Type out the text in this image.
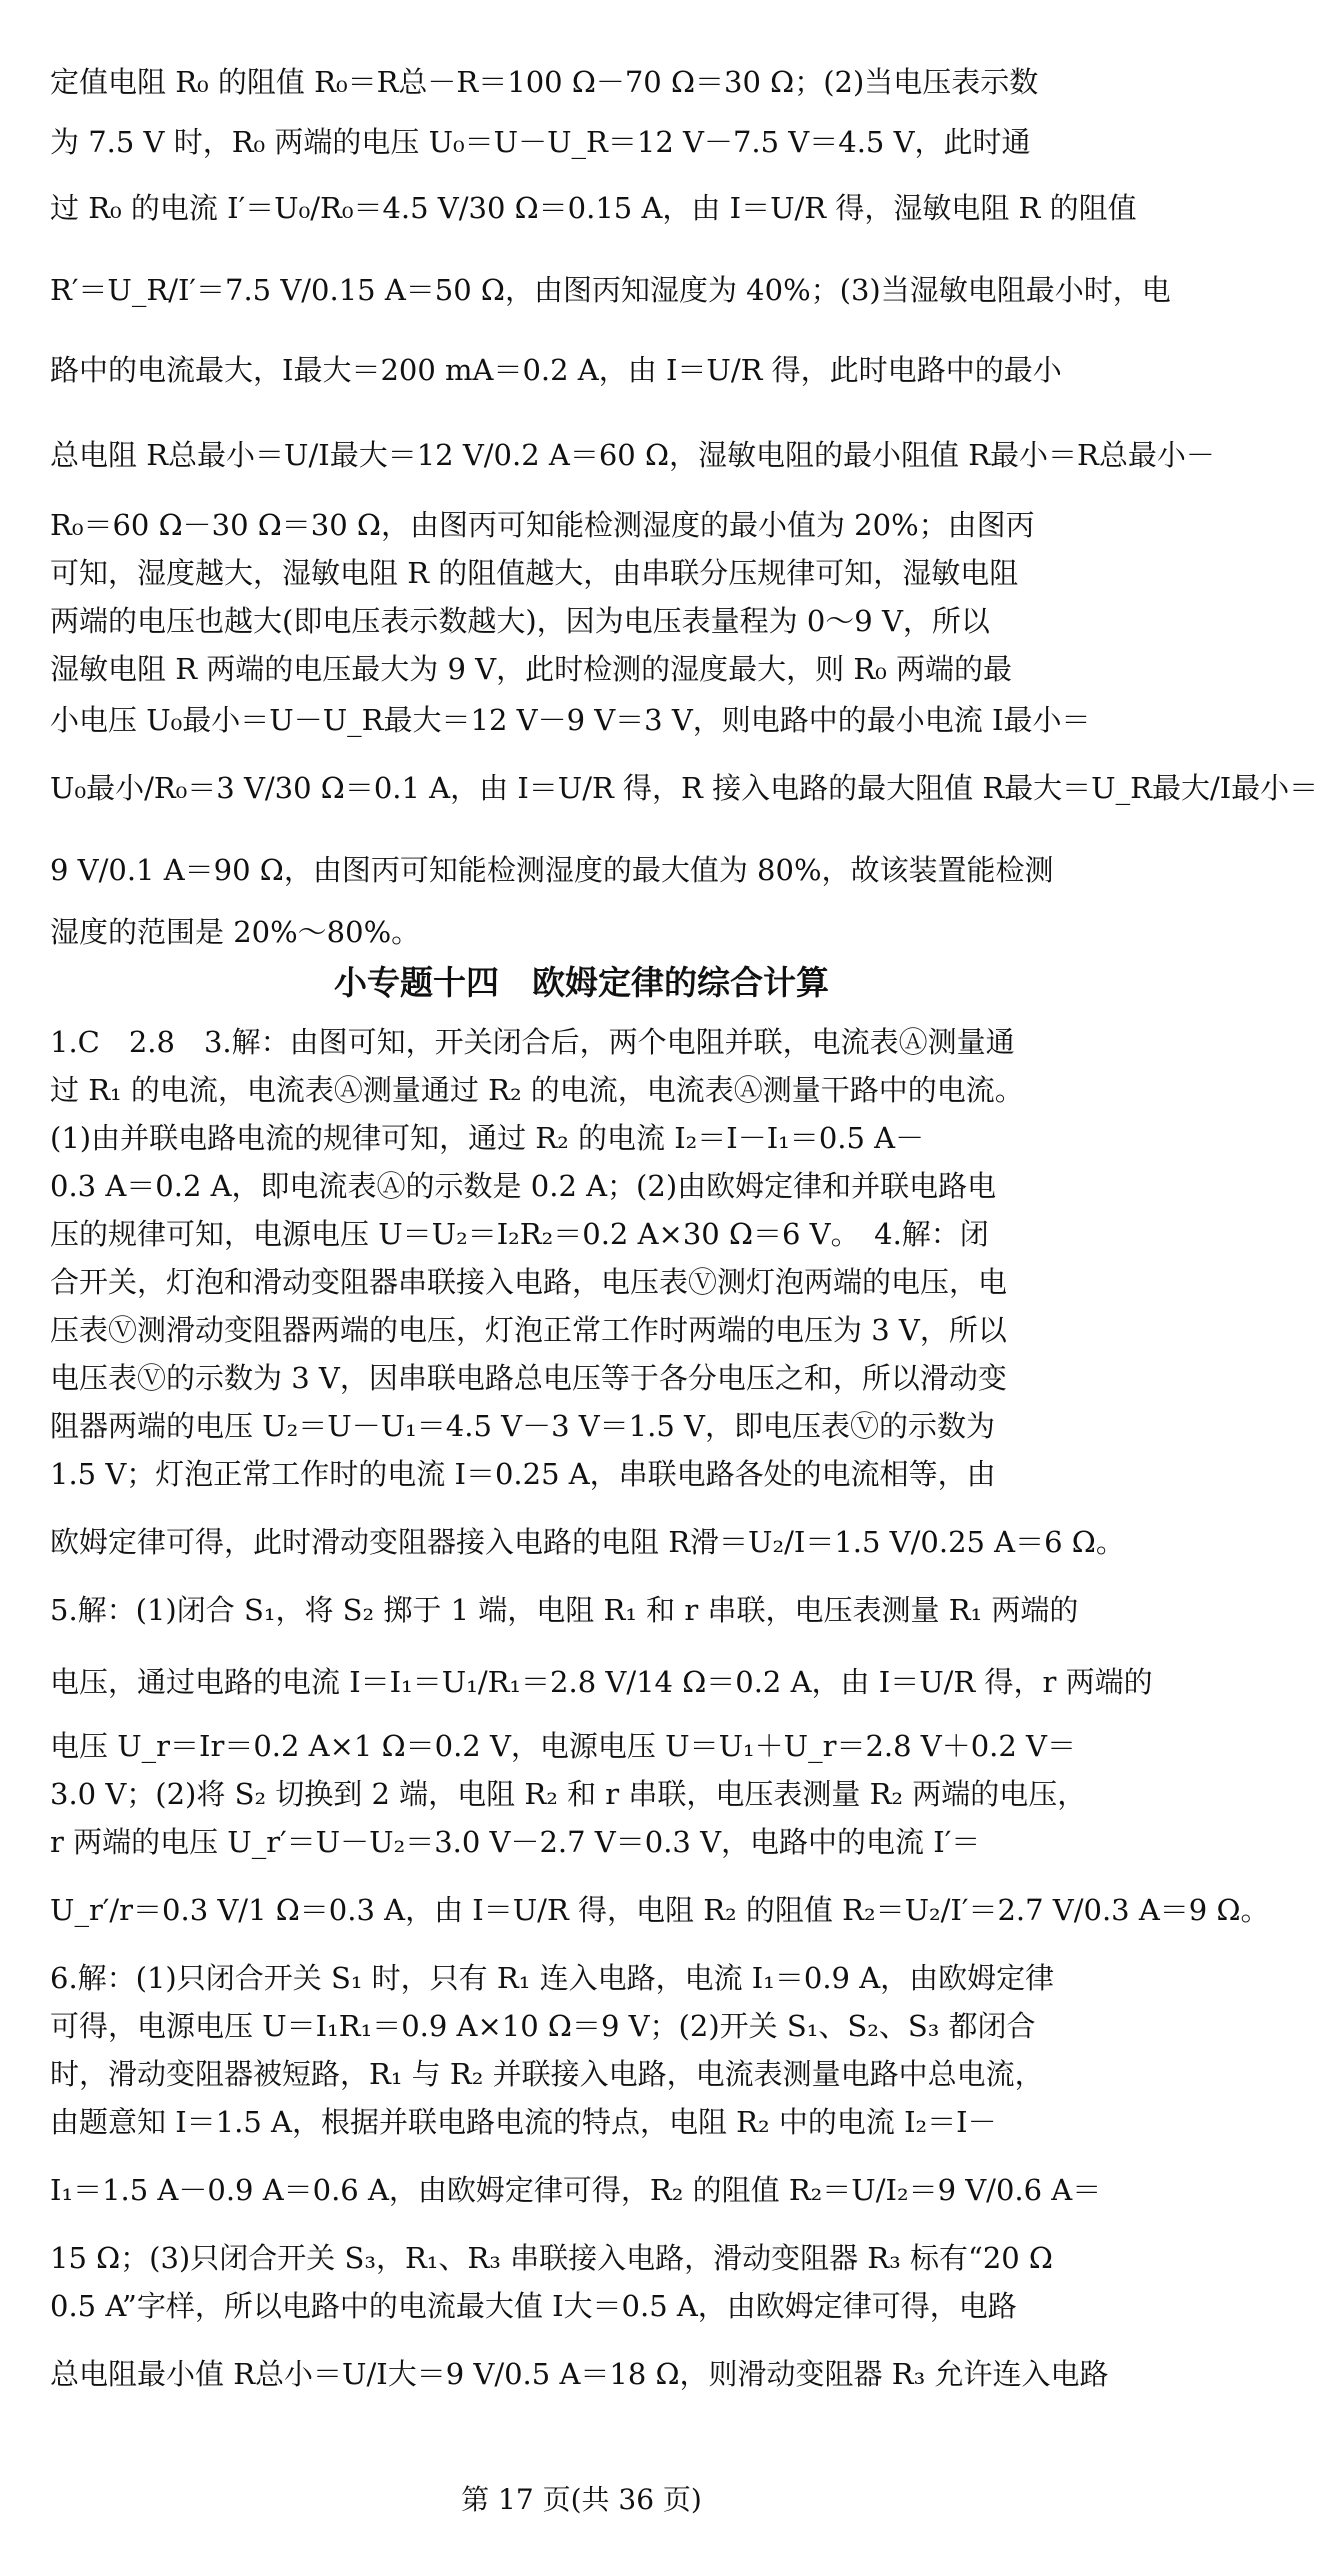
定值电阻 R₀ 的阻值 R₀＝R总－R＝100 Ω－70 Ω＝30 Ω；(2)当电压表示数
为 7.5 V 时，R₀ 两端的电压 U₀＝U－U_R＝12 V－7.5 V＝4.5 V，此时通
过 R₀ 的电流 I′＝U₀/R₀＝4.5 V/30 Ω＝0.15 A，由 I＝U/R 得，湿敏电阻 R 的阻值
R′＝U_R/I′＝7.5 V/0.15 A＝50 Ω，由图丙知湿度为 40%；(3)当湿敏电阻最小时，电
路中的电流最大，I最大＝200 mA＝0.2 A，由 I＝U/R 得，此时电路中的最小
总电阻 R总最小＝U/I最大＝12 V/0.2 A＝60 Ω，湿敏电阻的最小阻值 R最小＝R总最小－
R₀＝60 Ω－30 Ω＝30 Ω，由图丙可知能检测湿度的最小值为 20%；由图丙
可知，湿度越大，湿敏电阻 R 的阻值越大，由串联分压规律可知，湿敏电阻
两端的电压也越大(即电压表示数越大)，因为电压表量程为 0～9 V，所以
湿敏电阻 R 两端的电压最大为 9 V，此时检测的湿度最大，则 R₀ 两端的最
小电压 U₀最小＝U－U_R最大＝12 V－9 V＝3 V，则电路中的最小电流 I最小＝
U₀最小/R₀＝3 V/30 Ω＝0.1 A，由 I＝U/R 得，R 接入电路的最大阻值 R最大＝U_R最大/I最小＝
9 V/0.1 A＝90 Ω，由图丙可知能检测湿度的最大值为 80%，故该装置能检测
湿度的范围是 20%～80%。
小专题十四　欧姆定律的综合计算
1.C　2.8　3.解：由图可知，开关闭合后，两个电阻并联，电流表Ⓐ测量通
过 R₁ 的电流，电流表Ⓐ测量通过 R₂ 的电流，电流表Ⓐ测量干路中的电流。
(1)由并联电路电流的规律可知，通过 R₂ 的电流 I₂＝I－I₁＝0.5 A－
0.3 A＝0.2 A，即电流表Ⓐ的示数是 0.2 A；(2)由欧姆定律和并联电路电
压的规律可知，电源电压 U＝U₂＝I₂R₂＝0.2 A×30 Ω＝6 V。　4.解：闭
合开关，灯泡和滑动变阻器串联接入电路，电压表Ⓥ测灯泡两端的电压，电
压表Ⓥ测滑动变阻器两端的电压，灯泡正常工作时两端的电压为 3 V，所以
电压表Ⓥ的示数为 3 V，因串联电路总电压等于各分电压之和，所以滑动变
阻器两端的电压 U₂＝U－U₁＝4.5 V－3 V＝1.5 V，即电压表Ⓥ的示数为
1.5 V；灯泡正常工作时的电流 I＝0.25 A，串联电路各处的电流相等，由
欧姆定律可得，此时滑动变阻器接入电路的电阻 R滑＝U₂/I＝1.5 V/0.25 A＝6 Ω。
5.解：(1)闭合 S₁，将 S₂ 掷于 1 端，电阻 R₁ 和 r 串联，电压表测量 R₁ 两端的
电压，通过电路的电流 I＝I₁＝U₁/R₁＝2.8 V/14 Ω＝0.2 A，由 I＝U/R 得，r 两端的
电压 U_r＝Ir＝0.2 A×1 Ω＝0.2 V，电源电压 U＝U₁＋U_r＝2.8 V＋0.2 V＝
3.0 V；(2)将 S₂ 切换到 2 端，电阻 R₂ 和 r 串联，电压表测量 R₂ 两端的电压，
r 两端的电压 U_r′＝U－U₂＝3.0 V－2.7 V＝0.3 V，电路中的电流 I′＝
U_r′/r＝0.3 V/1 Ω＝0.3 A，由 I＝U/R 得，电阻 R₂ 的阻值 R₂＝U₂/I′＝2.7 V/0.3 A＝9 Ω。
6.解：(1)只闭合开关 S₁ 时，只有 R₁ 连入电路，电流 I₁＝0.9 A，由欧姆定律
可得，电源电压 U＝I₁R₁＝0.9 A×10 Ω＝9 V；(2)开关 S₁、S₂、S₃ 都闭合
时，滑动变阻器被短路，R₁ 与 R₂ 并联接入电路，电流表测量电路中总电流，
由题意知 I＝1.5 A，根据并联电路电流的特点，电阻 R₂ 中的电流 I₂＝I－
I₁＝1.5 A－0.9 A＝0.6 A，由欧姆定律可得，R₂ 的阻值 R₂＝U/I₂＝9 V/0.6 A＝
15 Ω；(3)只闭合开关 S₃，R₁、R₃ 串联接入电路，滑动变阻器 R₃ 标有“20 Ω
0.5 A”字样，所以电路中的电流最大值 I大＝0.5 A，由欧姆定律可得，电路
总电阻最小值 R总小＝U/I大＝9 V/0.5 A＝18 Ω，则滑动变阻器 R₃ 允许连入电路
第 17 页(共 36 页)
